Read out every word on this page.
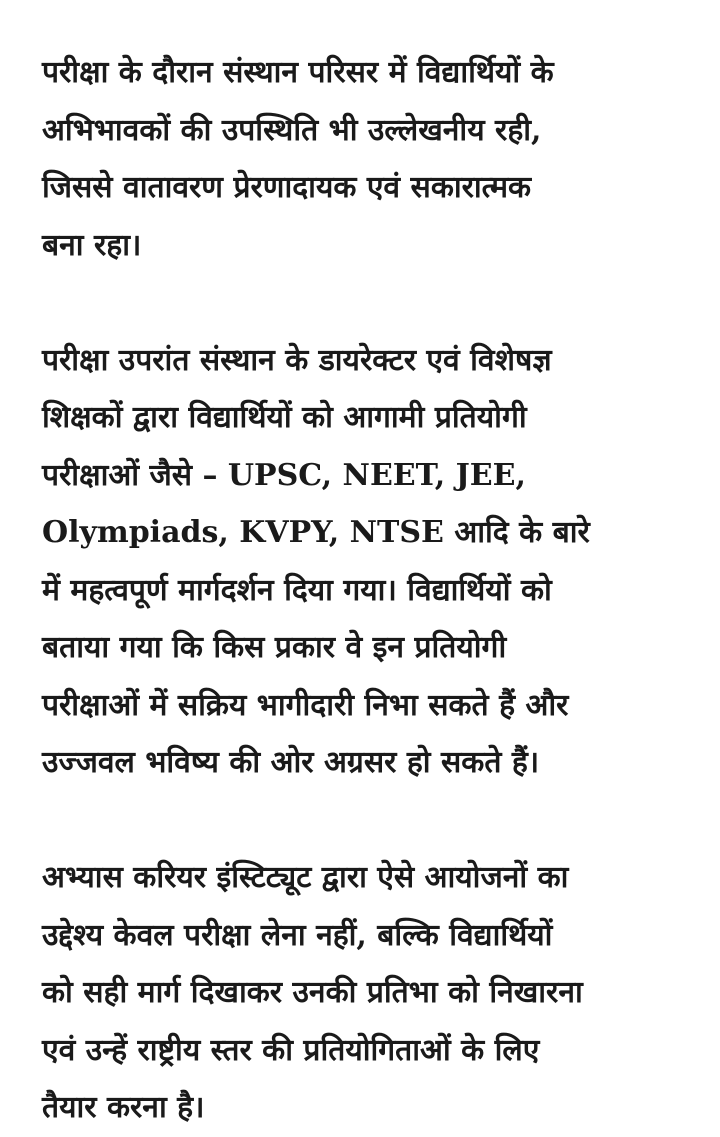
परीक्षा के दौरान संस्थान परिसर में विद्यार्थियों के
अभिभावकों की उपस्थिति भी उल्लेखनीय रही,
जिससे वातावरण प्रेरणादायक एवं सकारात्मक
बना रहा।

परीक्षा उपरांत संस्थान के डायरेक्टर एवं विशेषज्ञ
शिक्षकों द्वारा विद्यार्थियों को आगामी प्रतियोगी
परीक्षाओं जैसे – UPSC, NEET, JEE,
Olympiads, KVPY, NTSE आदि के बारे
में महत्वपूर्ण मार्गदर्शन दिया गया। विद्यार्थियों को
बताया गया कि किस प्रकार वे इन प्रतियोगी
परीक्षाओं में सक्रिय भागीदारी निभा सकते हैं और
उज्जवल भविष्य की ओर अग्रसर हो सकते हैं।

अभ्यास करियर इंस्टिट्यूट द्वारा ऐसे आयोजनों का
उद्देश्य केवल परीक्षा लेना नहीं, बल्कि विद्यार्थियों
को सही मार्ग दिखाकर उनकी प्रतिभा को निखारना
एवं उन्हें राष्ट्रीय स्तर की प्रतियोगिताओं के लिए
तैयार करना है।
